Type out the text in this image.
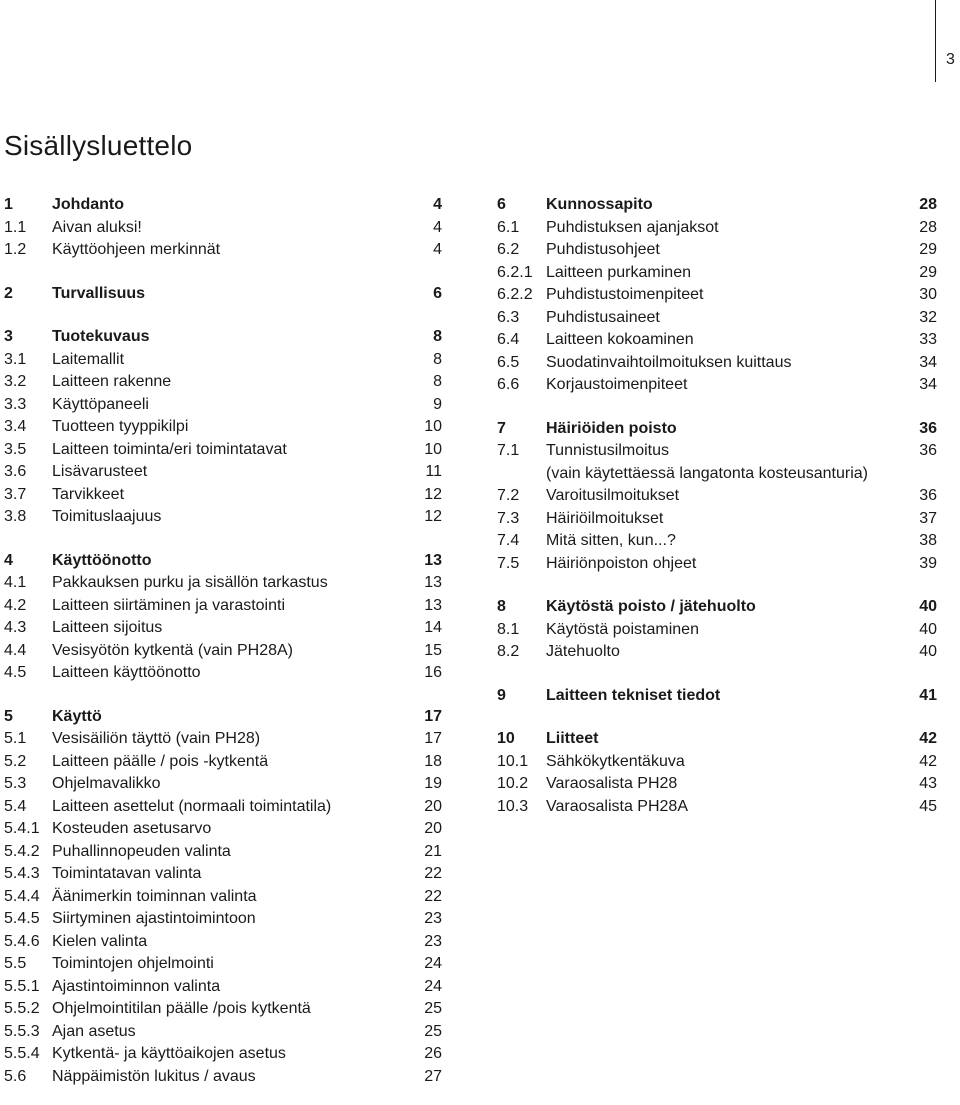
3
Sisällysluettelo
1	Johdanto	4
1.1	Aivan aluksi!	4
1.2	Käyttöohjeen merkinnät	4
2	Turvallisuus	6
3	Tuotekuvaus	8
3.1	Laitemallit	8
3.2	Laitteen rakenne	8
3.3	Käyttöpaneeli	9
3.4	Tuotteen tyyppikilpi	10
3.5	Laitteen toiminta/eri toimintatavat	10
3.6	Lisävarusteet	11
3.7	Tarvikkeet	12
3.8	Toimituslaajuus	12
4	Käyttöönotto	13
4.1	Pakkauksen purku ja sisällön tarkastus	13
4.2	Laitteen siirtäminen ja varastointi	13
4.3	Laitteen sijoitus	14
4.4	Vesisyötön kytkentä (vain PH28A)	15
4.5	Laitteen käyttöönotto	16
5	Käyttö	17
5.1	Vesisäiliön täyttö (vain PH28)	17
5.2	Laitteen päälle / pois -kytkentä	18
5.3	Ohjelmavalikko	19
5.4	Laitteen asettelut (normaali toimintatila)	20
5.4.1 Kosteuden asetusarvo	20
5.4.2 Puhallinnopeuden valinta	21
5.4.3 Toimintatavan valinta	22
5.4.4 Äänimerkin toiminnan valinta	22
5.4.5 Siirtyminen ajastintoimintoon	23
5.4.6 Kielen valinta	23
5.5	Toimintojen ohjelmointi	24
5.5.1 Ajastintoiminnon valinta	24
5.5.2 Ohjelmointitilan päälle /pois kytkentä	25
5.5.3 Ajan asetus	25
5.5.4 Kytkentä- ja käyttöaikojen asetus	26
5.6	Näppäimistön lukitus / avaus	27
6	Kunnossapito	28
6.1	Puhdistuksen ajanjaksot	28
6.2	Puhdistusohjeet	29
6.2.1 Laitteen purkaminen	29
6.2.2 Puhdistustoimenpiteet	30
6.3	Puhdistusaineet	32
6.4	Laitteen kokoaminen	33
6.5	Suodatinvaihtoilmoituksen kuittaus	34
6.6	Korjaustoimenpiteet	34
7	Häiriöiden poisto	36
7.1	Tunnistusilmoitus
(vain käytettäessä langatonta kosteusanturia)
36
7.2	Varoitusilmoitukset	36
7.3	Häiriöilmoitukset	37
7.4	Mitä sitten, kun...?	38
7.5	Häiriönpoiston ohjeet	39
8	Käytöstä poisto / jätehuolto	40
8.1	Käytöstä poistaminen	40
8.2	Jätehuolto	40
9	Laitteen tekniset tiedot	41
10	Liitteet	42
10.1	Sähkökytkentäkuva	42
10.2	Varaosalista PH28	43
10.3	Varaosalista PH28A	45
